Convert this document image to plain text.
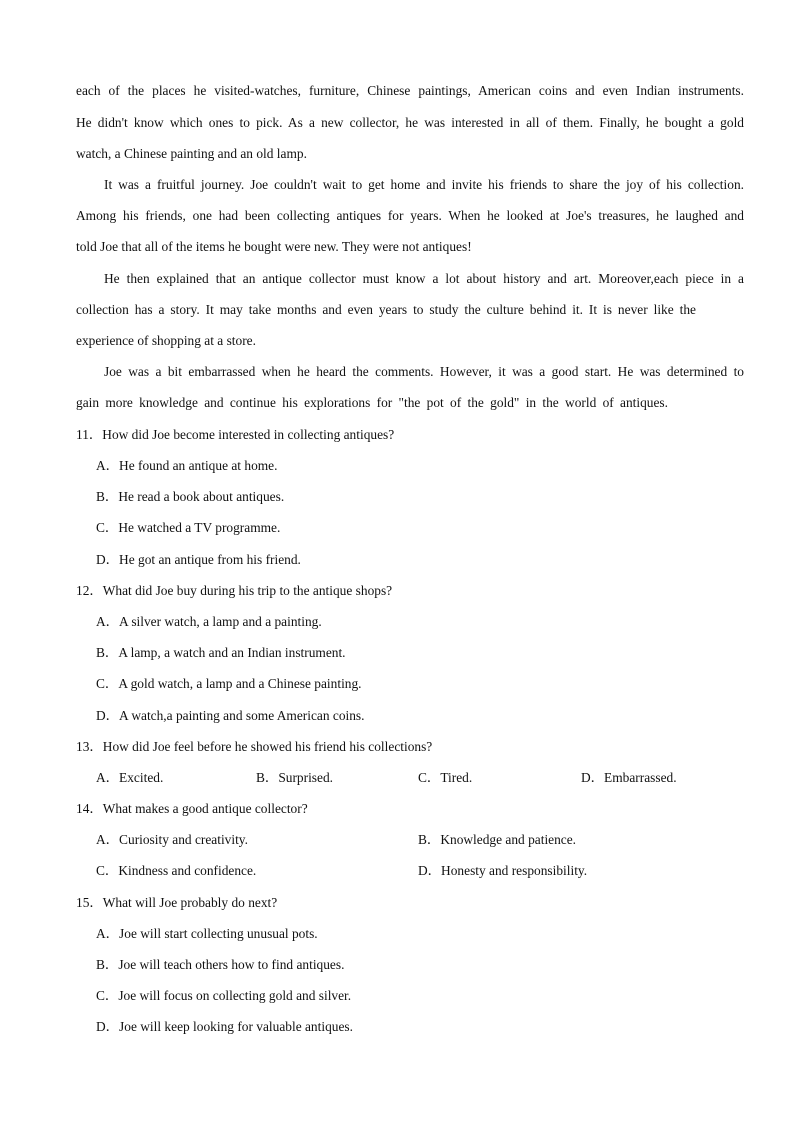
each of the places he visited-watches, furniture, Chinese paintings, American coins and even Indian instruments.
He didn't know which ones to pick. As a new collector, he was interested in all of them. Finally, he bought a gold
watch, a Chinese painting and an old lamp.
It was a fruitful journey. Joe couldn't wait to get home and invite his friends to share the joy of his collection.
Among his friends, one had been collecting antiques for years. When he looked at Joe's treasures, he laughed and
told Joe that all of the items he bought were new. They were not antiques!
He then explained that an antique collector must know a lot about history and art. Moreover,each piece in a
collection has a story. It may take months and even years to study the culture behind it. It is never like the
experience of shopping at a store.
Joe was a bit embarrassed when he heard the comments. However, it was a good start. He was determined to
gain more knowledge and continue his explorations for "the pot of the gold" in the world of antiques.
11．How did Joe become interested in collecting antiques?
A．He found an antique at home.
B．He read a book about antiques.
C．He watched a TV programme.
D．He got an antique from his friend.
12．What did Joe buy during his trip to the antique shops?
A．A silver watch, a lamp and a painting.
B．A lamp, a watch and an Indian instrument.
C．A gold watch, a lamp and a Chinese painting.
D．A watch,a painting and some American coins.
13．How did Joe feel before he showed his friend his collections?
A．Excited.	B．Surprised.	C．Tired.	D．Embarrassed.
14．What makes a good antique collector?
A．Curiosity and creativity.	B．Knowledge and patience.
C．Kindness and confidence.	D．Honesty and responsibility.
15．What will Joe probably do next?
A．Joe will start collecting unusual pots.
B．Joe will teach others how to find antiques.
C．Joe will focus on collecting gold and silver.
D．Joe will keep looking for valuable antiques.
